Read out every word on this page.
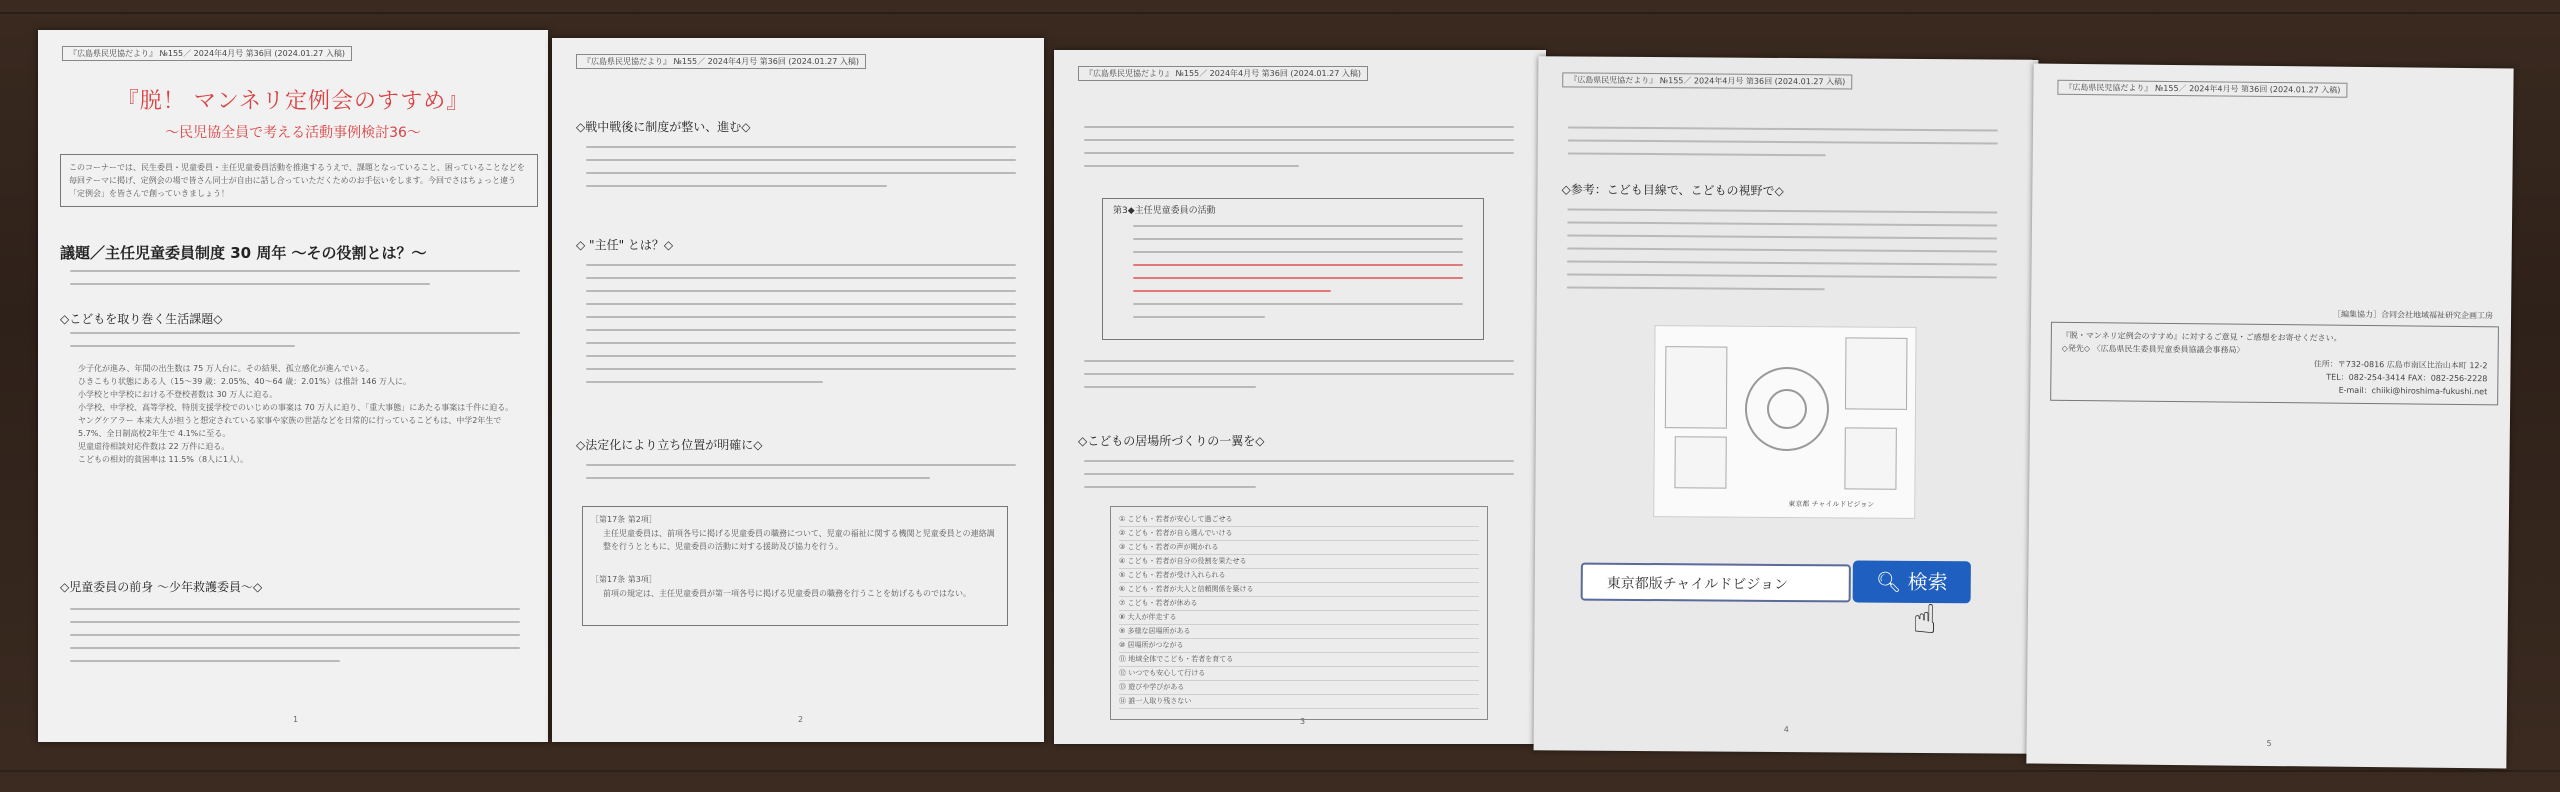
『広島県民児協だより』 №155／ 2024年4月号 第36回 (2024.01.27 入稿)
『脱！ マンネリ定例会のすすめ』
～民児協全員で考える活動事例検討36～
このコーナーでは、民生委員・児童委員・主任児童委員活動を推進するうえで、課題となっていること、困っていることなどを毎回テーマに掲げ、定例会の場で皆さん同士が自由に話し合っていただくためのお手伝いをします。今回でさはちょっと違う「定例会」を皆さんで創っていきましょう！
議題／主任児童委員制度 30 周年 ～その役割とは？～
◇こどもを取り巻く生活課題◇
少子化が進み、年間の出生数は 75 万人台に。その結果、孤立感化が進んでいる。
ひきこもり状態にある人（15～39 歳：2.05%、40～64 歳：2.01%）は推計 146 万人に。
小学校と中学校における不登校者数は 30 万人に迫る。
小学校、中学校、高等学校、特別支援学校でのいじめの事案は 70 万人に迫り、「重大事態」にあたる事案は千件に迫る。
ヤングケアラー 本来大人が担うと想定されている家事や家族の世話などを日常的に行っているこどもは、中学2年生で 5.7%、全日制高校2年生で 4.1%に至る。
児童虐待相談対応件数は 22 万件に迫る。
こどもの相対的貧困率は 11.5%（8人に1人）。
◇児童委員の前身 ～少年救護委員～◇
1
『広島県民児協だより』 №155／ 2024年4月号 第36回 (2024.01.27 入稿)
◇戦中戦後に制度が整い、進む◇
◇ "主任" とは？◇
◇法定化により立ち位置が明確に◇
［第17条 第2項］
主任児童委員は、前項各号に掲げる児童委員の職務について、児童の福祉に関する機関と児童委員との連絡調整を行うとともに、児童委員の活動に対する援助及び協力を行う。
［第17条 第3項］
前項の規定は、主任児童委員が第一項各号に掲げる児童委員の職務を行うことを妨げるものではない。
2
『広島県民児協だより』 №155／ 2024年4月号 第36回 (2024.01.27 入稿)
第3◆主任児童委員の活動
◇こどもの居場所づくりの一翼を◇
① こども・若者が安心して過ごせる
② こども・若者が自ら選んでいける
③ こども・若者の声が聞かれる
④ こども・若者が自分の役割を果たせる
⑤ こども・若者が受け入れられる
⑥ こども・若者が大人と信頼関係を築ける
⑦ こども・若者が休める
⑧ 大人が伴走する
⑨ 多様な居場所がある
⑩ 居場所がつながる
⑪ 地域全体でこども・若者を育てる
⑫ いつでも安心して行ける
⑬ 遊びや学びがある
⑭ 誰一人取り残さない
3
『広島県民児協だより』 №155／ 2024年4月号 第36回 (2024.01.27 入稿)
◇参考：こども目線で、こどもの視野で◇
東京都 チャイルドビジョン
東京都版チャイルドビジョン	🔍︎ 検索
☝
4
『広島県民児協だより』 №155／ 2024年4月号 第36回 (2024.01.27 入稿)
［編集協力］合同会社地域福祉研究企画工房
『脱・マンネリ定例会のすすめ』に対するご意見・ご感想をお寄せください。
◇発先◇ 〈広島県民生委員児童委員協議会事務局〉
住所：〒732-0816 広島市南区比治山本町 12-2
TEL：082-254-3414 FAX：082-256-2228
E-mail：chiiki@hiroshima-fukushi.net
5
